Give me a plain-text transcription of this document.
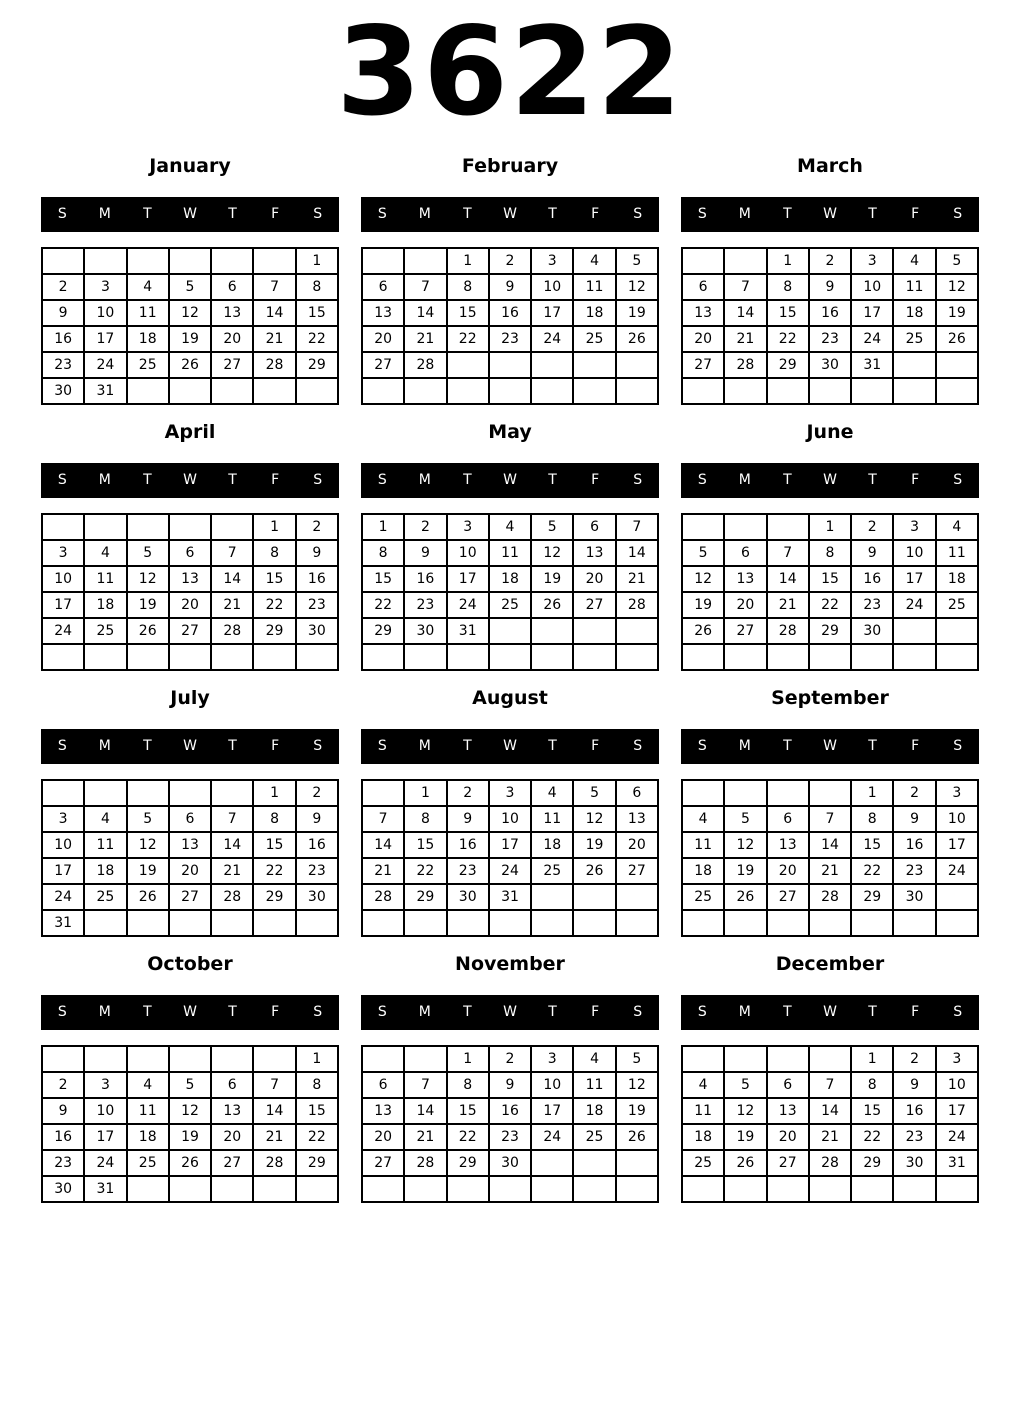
3622
January
S	M	T	W	T	F	S
						1
2	3	4	5	6	7	8
9	10	11	12	13	14	15
16	17	18	19	20	21	22
23	24	25	26	27	28	29
30	31					
February
S	M	T	W	T	F	S
		1	2	3	4	5
6	7	8	9	10	11	12
13	14	15	16	17	18	19
20	21	22	23	24	25	26
27	28					

March
S	M	T	W	T	F	S
		1	2	3	4	5
6	7	8	9	10	11	12
13	14	15	16	17	18	19
20	21	22	23	24	25	26
27	28	29	30	31		

April
S	M	T	W	T	F	S
					1	2
3	4	5	6	7	8	9
10	11	12	13	14	15	16
17	18	19	20	21	22	23
24	25	26	27	28	29	30

May
S	M	T	W	T	F	S
1	2	3	4	5	6	7
8	9	10	11	12	13	14
15	16	17	18	19	20	21
22	23	24	25	26	27	28
29	30	31				

June
S	M	T	W	T	F	S
			1	2	3	4
5	6	7	8	9	10	11
12	13	14	15	16	17	18
19	20	21	22	23	24	25
26	27	28	29	30		

July
S	M	T	W	T	F	S
					1	2
3	4	5	6	7	8	9
10	11	12	13	14	15	16
17	18	19	20	21	22	23
24	25	26	27	28	29	30
31						
August
S	M	T	W	T	F	S
	1	2	3	4	5	6
7	8	9	10	11	12	13
14	15	16	17	18	19	20
21	22	23	24	25	26	27
28	29	30	31			

September
S	M	T	W	T	F	S
				1	2	3
4	5	6	7	8	9	10
11	12	13	14	15	16	17
18	19	20	21	22	23	24
25	26	27	28	29	30	

October
S	M	T	W	T	F	S
						1
2	3	4	5	6	7	8
9	10	11	12	13	14	15
16	17	18	19	20	21	22
23	24	25	26	27	28	29
30	31					
November
S	M	T	W	T	F	S
		1	2	3	4	5
6	7	8	9	10	11	12
13	14	15	16	17	18	19
20	21	22	23	24	25	26
27	28	29	30			

December
S	M	T	W	T	F	S
				1	2	3
4	5	6	7	8	9	10
11	12	13	14	15	16	17
18	19	20	21	22	23	24
25	26	27	28	29	30	31
